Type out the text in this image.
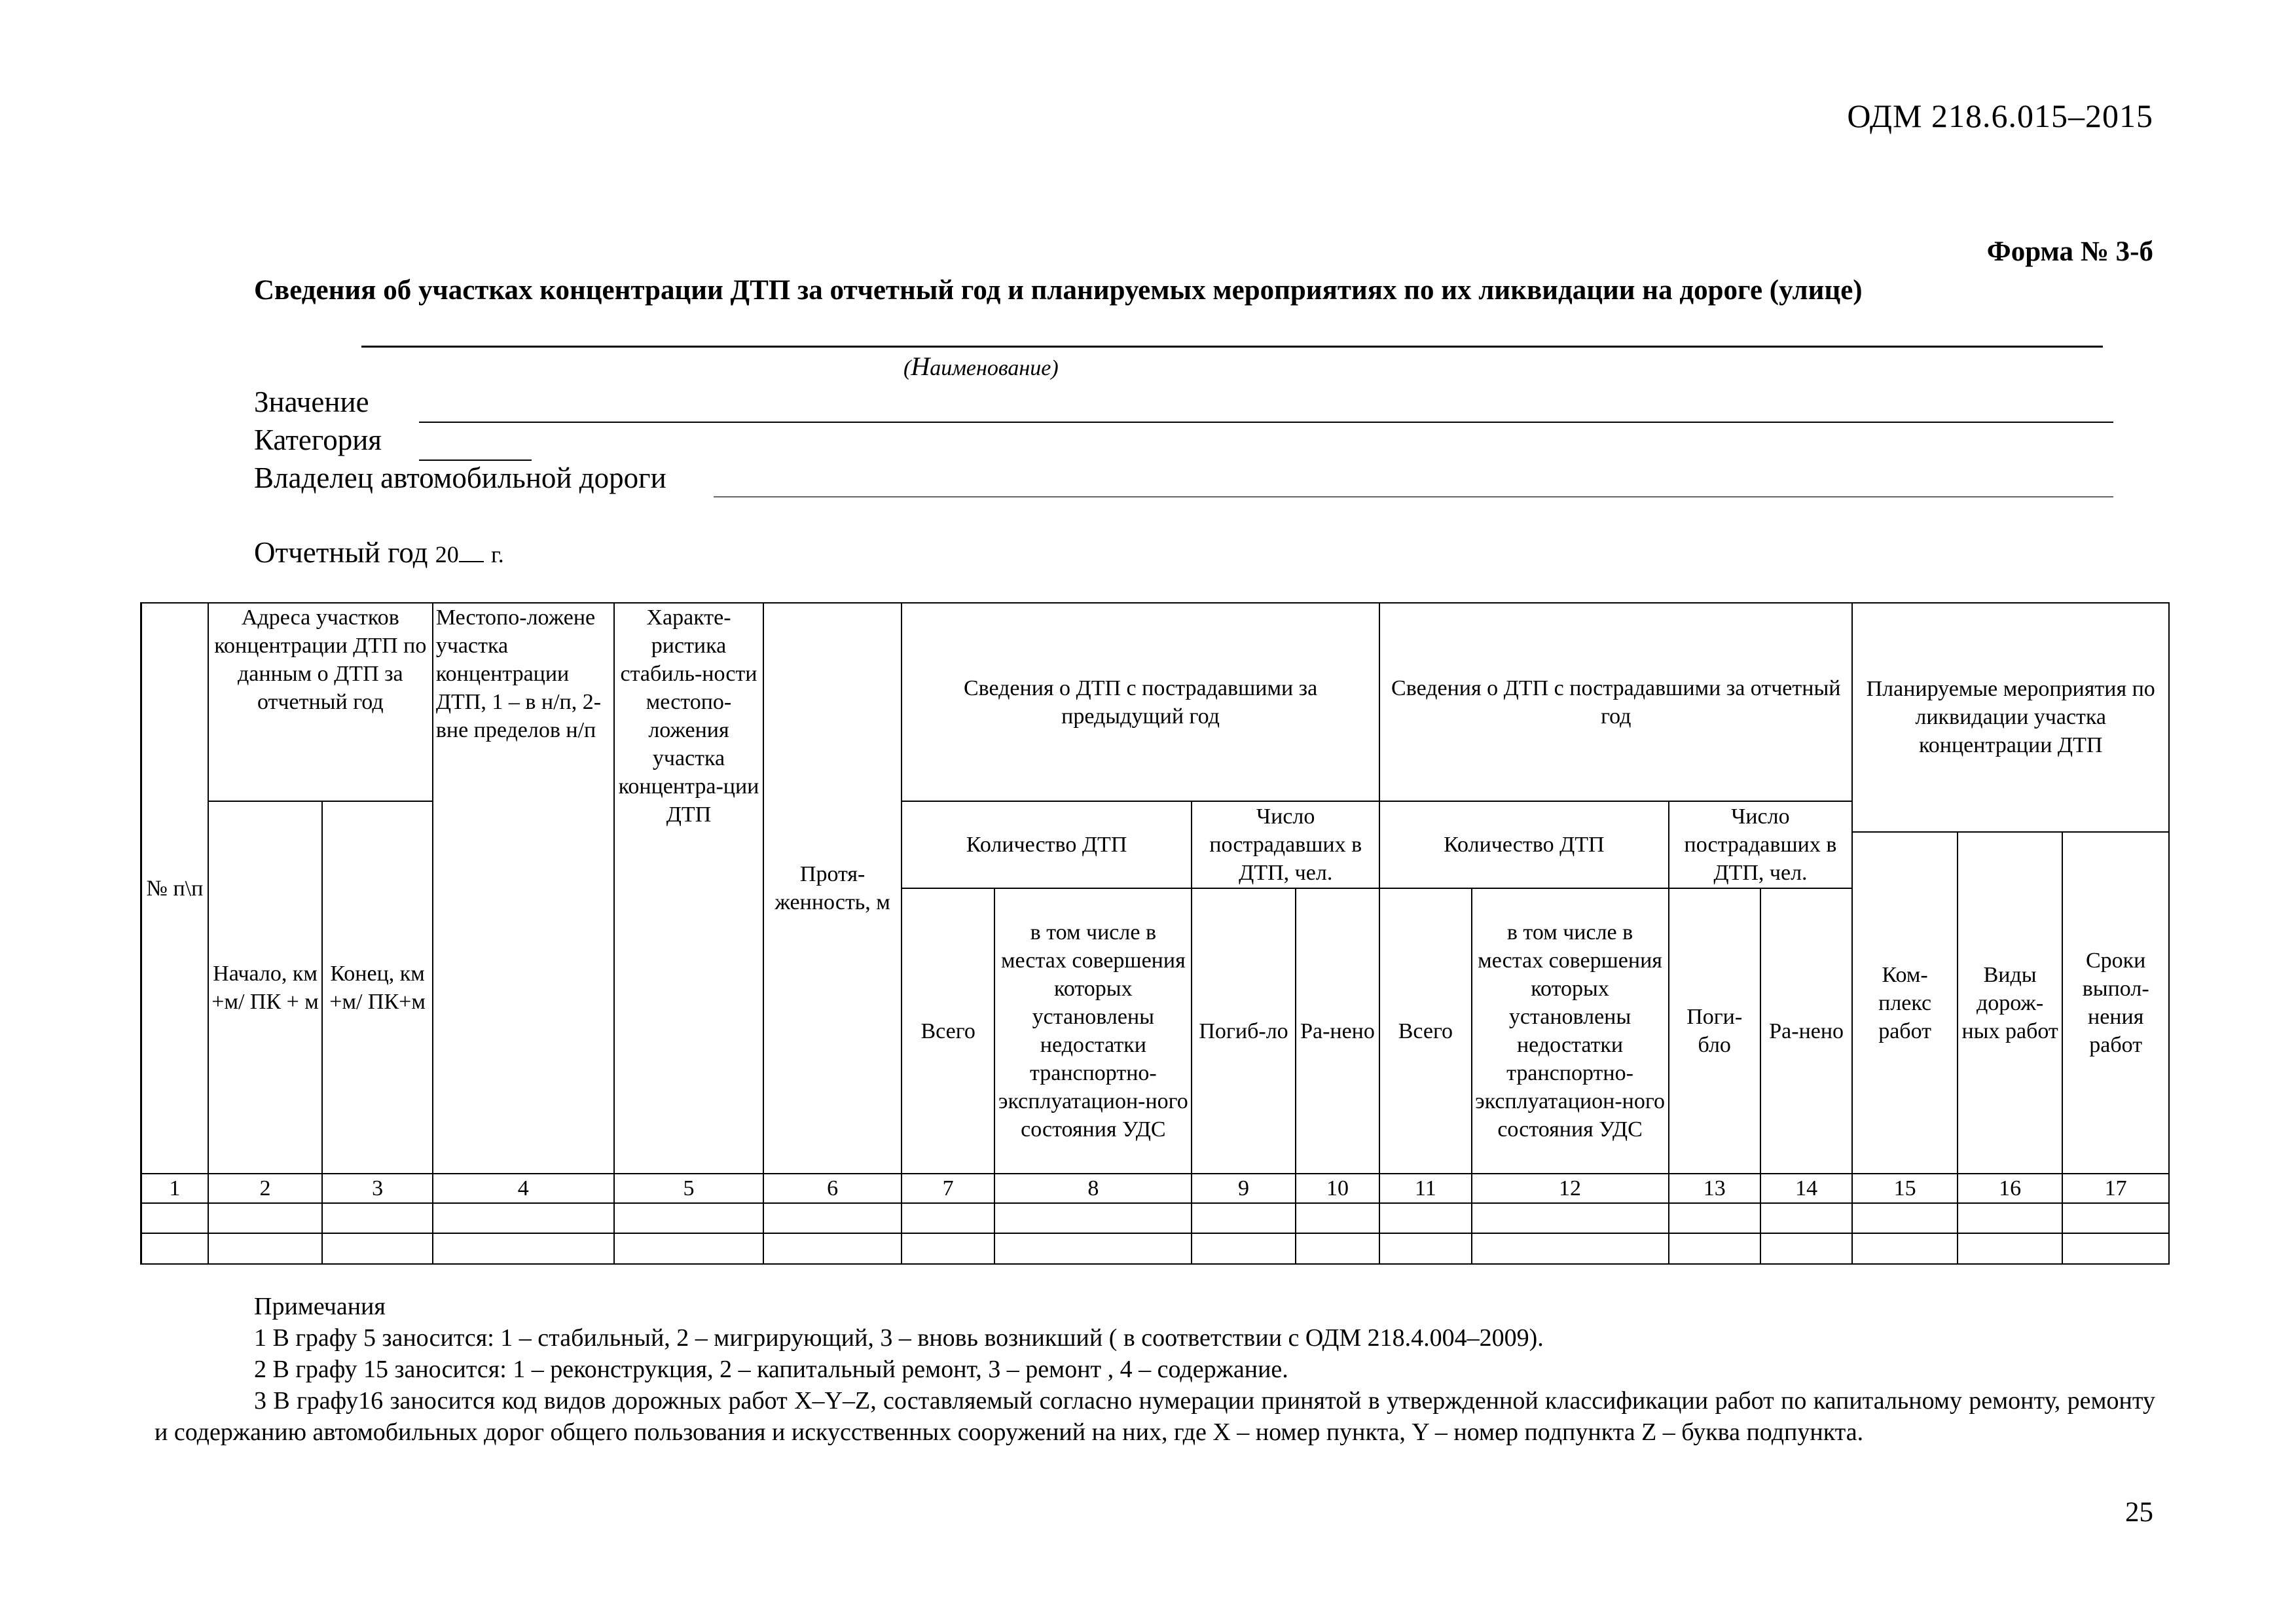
ОДМ 218.6.015–2015
Форма № 3-б
Сведения об участках концентрации ДТП за отчетный год и планируемых мероприятиях по их ликвидации на дороге (улице)
(Наименование)
Значение
Категория
Владелец автомобильной дороги
Отчетный год 20 г.
№ п\п	Адреса участков концентрации ДТП по данным о ДТП за отчетный год		Местопо-ложене участка концентрации ДТП, 1 – в н/п, 2- вне пределов н/п	Характе-ристика стабиль-ности местопо-ложения участка концентра-ции ДТП	Протя-женность, м	Сведения о ДТП с пострадавшими за предыдущий год				Сведения о ДТП с пострадавшими за отчетный год				Планируемые мероприятия по ликвидации участка концентрации ДТП		
	Начало, км +м/ ПК + м	Конец, км +м/ ПК+м				Количество ДТП		Число пострадавших в ДТП, чел.		Количество ДТП		Число пострадавших в ДТП, чел.				
														Ком-плекс работ	Виды дорож-ных работ	Сроки выпол-нения работ
						Всего	в том числе в местах совершения которых установлены недостатки транспортно-эксплуатацион-ного состояния УДС	Погиб-ло	Ра-нено	Всего	в том числе в местах совершения которых установлены недостатки транспортно-эксплуатацион-ного состояния УДС	Поги-бло	Ра-нено			
1	2	3	4	5	6	7	8	9	10	11	12	13	14	15	16	17

Примечания
1 В графу 5 заносится: 1 – стабильный, 2 – мигрирующий, 3 – вновь возникший ( в соответствии с ОДМ 218.4.004–2009).
2 В графу 15 заносится: 1 – реконструкция, 2 – капитальный ремонт, 3 – ремонт , 4 – содержание.
3 В графу16 заносится код видов дорожных работ X–Y–Z, составляемый согласно нумерации принятой в утвержденной классификации работ по капитальному ремонту, ремонту и содержанию автомобильных дорог общего пользования и искусственных сооружений на них, где X – номер пункта, Y – номер подпункта Z – буква подпункта.
25
